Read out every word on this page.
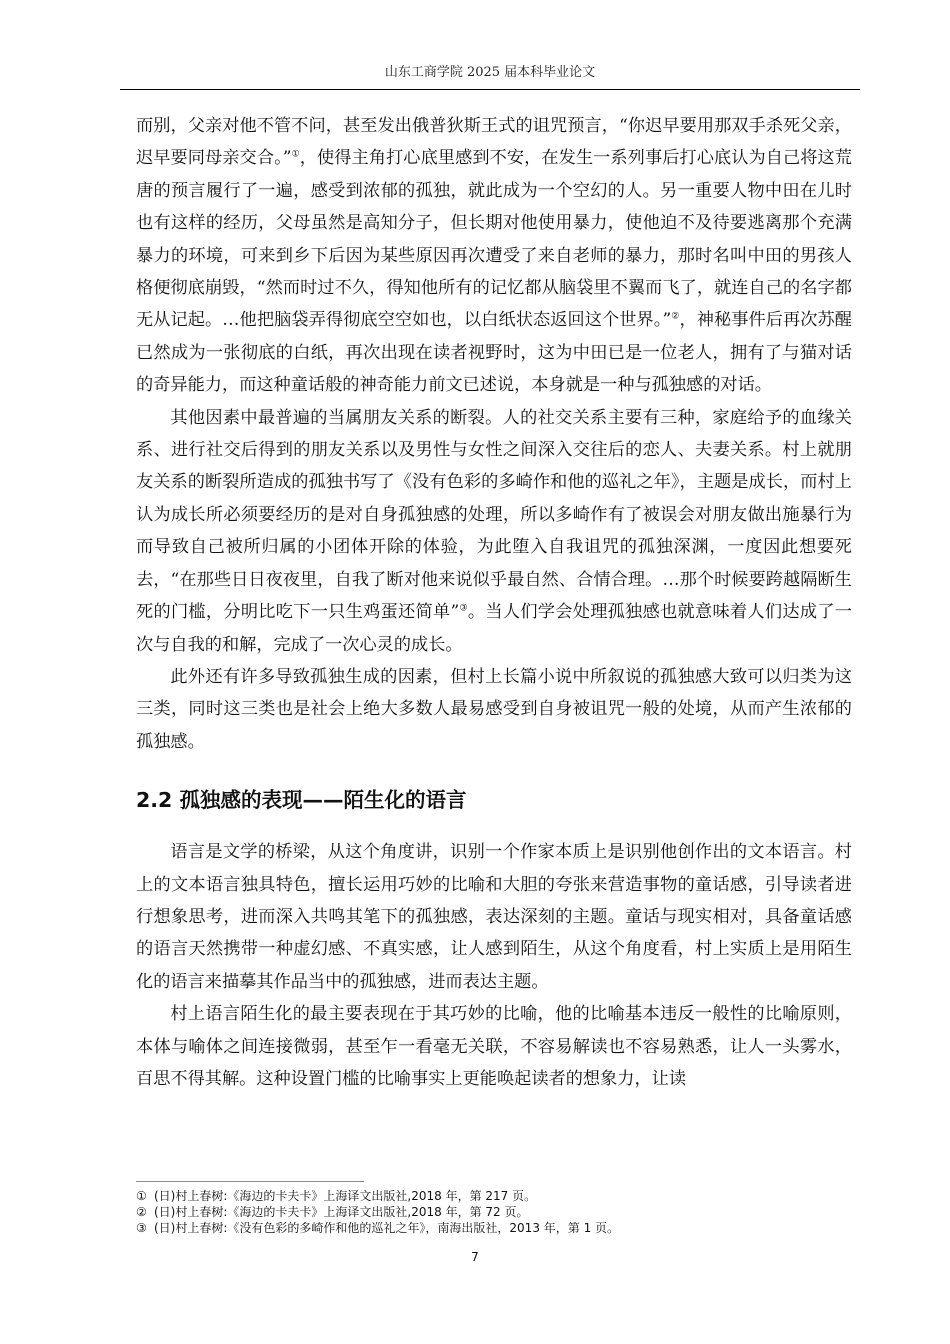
山东工商学院 2025 届本科毕业论文

而别，父亲对他不管不问，甚至发出俄普狄斯王式的诅咒预言，“你迟早要用那双手杀死父亲，迟早要同母亲交合。”①，使得主角打心底里感到不安，在发生一系列事后打心底认为自己将这荒唐的预言履行了一遍，感受到浓郁的孤独，就此成为一个空幻的人。另一重要人物中田在儿时也有这样的经历，父母虽然是高知分子，但长期对他使用暴力，使他迫不及待要逃离那个充满暴力的环境，可来到乡下后因为某些原因再次遭受了来自老师的暴力，那时名叫中田的男孩人格便彻底崩毁，“然而时过不久，得知他所有的记忆都从脑袋里不翼而飞了，就连自己的名字都无从记起。…他把脑袋弄得彻底空空如也，以白纸状态返回这个世界。”②，神秘事件后再次苏醒已然成为一张彻底的白纸，再次出现在读者视野时，这为中田已是一位老人，拥有了与猫对话的奇异能力，而这种童话般的神奇能力前文已述说，本身就是一种与孤独感的对话。

其他因素中最普遍的当属朋友关系的断裂。人的社交关系主要有三种，家庭给予的血缘关系、进行社交后得到的朋友关系以及男性与女性之间深入交往后的恋人、夫妻关系。村上就朋友关系的断裂所造成的孤独书写了《没有色彩的多崎作和他的巡礼之年》，主题是成长，而村上认为成长所必须要经历的是对自身孤独感的处理，所以多崎作有了被误会对朋友做出施暴行为而导致自己被所归属的小团体开除的体验，为此堕入自我诅咒的孤独深渊，一度因此想要死去，“在那些日日夜夜里，自我了断对他来说似乎最自然、合情合理。…那个时候要跨越隔断生死的门槛，分明比吃下一只生鸡蛋还简单”③。当人们学会处理孤独感也就意味着人们达成了一次与自我的和解，完成了一次心灵的成长。

此外还有许多导致孤独生成的因素，但村上长篇小说中所叙说的孤独感大致可以归类为这三类，同时这三类也是社会上绝大多数人最易感受到自身被诅咒一般的处境，从而产生浓郁的孤独感。

2.2 孤独感的表现——陌生化的语言

语言是文学的桥梁，从这个角度讲，识别一个作家本质上是识别他创作出的文本语言。村上的文本语言独具特色，擅长运用巧妙的比喻和大胆的夸张来营造事物的童话感，引导读者进行想象思考，进而深入共鸣其笔下的孤独感，表达深刻的主题。童话与现实相对，具备童话感的语言天然携带一种虚幻感、不真实感，让人感到陌生，从这个角度看，村上实质上是用陌生化的语言来描摹其作品当中的孤独感，进而表达主题。

村上语言陌生化的最主要表现在于其巧妙的比喻，他的比喻基本违反一般性的比喻原则，本体与喻体之间连接微弱，甚至乍一看毫无关联，不容易解读也不容易熟悉，让人一头雾水，百思不得其解。这种设置门槛的比喻事实上更能唤起读者的想象力，让读

① (日)村上春树:《海边的卡夫卡》上海译文出版社,2018 年，第 217 页。
② (日)村上春树:《海边的卡夫卡》上海译文出版社,2018 年，第 72 页。
③ (日)村上春树:《没有色彩的多崎作和他的巡礼之年》，南海出版社，2013 年，第 1 页。
7
